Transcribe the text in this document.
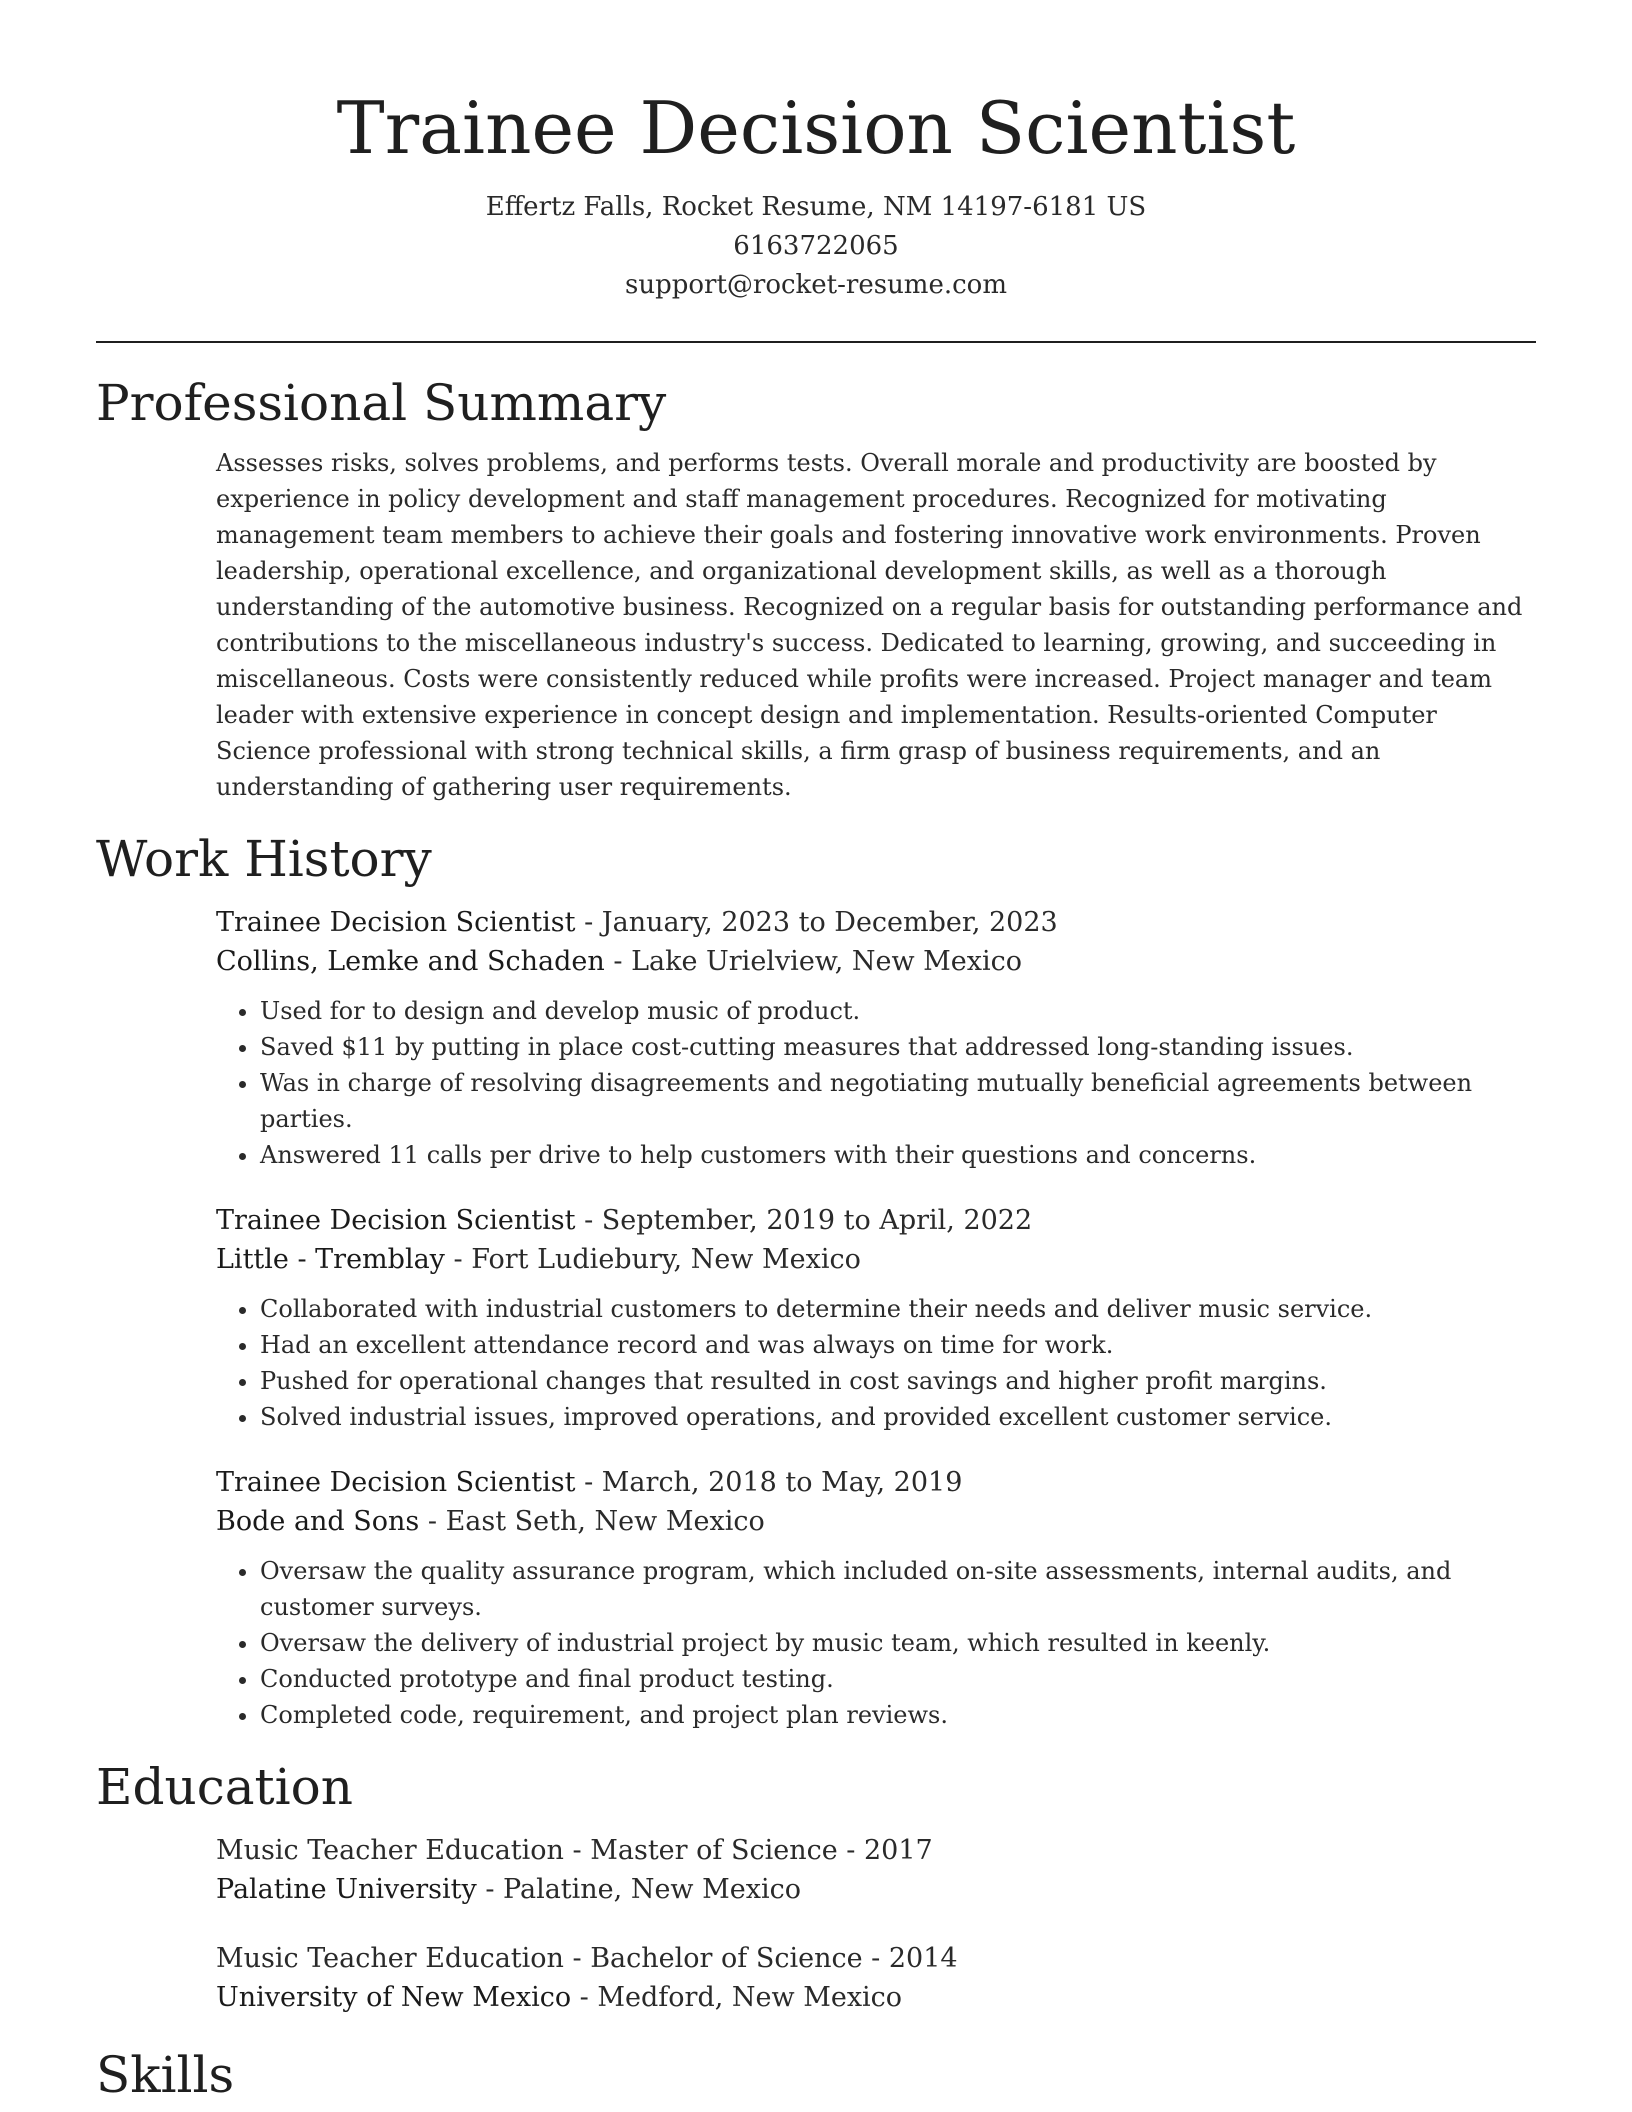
Trainee Decision Scientist
Effertz Falls, Rocket Resume, NM 14197-6181 US
6163722065
support@rocket-resume.com
Professional Summary

Assesses risks, solves problems, and performs tests. Overall morale and productivity are boosted by experience in policy development and staff management procedures. Recognized for motivating management team members to achieve their goals and fostering innovative work environments. Proven leadership, operational excellence, and organizational development skills, as well as a thorough understanding of the automotive business. Recognized on a regular basis for outstanding performance and contributions to the miscellaneous industry's success. Dedicated to learning, growing, and succeeding in miscellaneous. Costs were consistently reduced while profits were increased. Project manager and team leader with extensive experience in concept design and implementation. Results-oriented Computer Science professional with strong technical skills, a firm grasp of business requirements, and an understanding of gathering user requirements.

Work History
Trainee Decision Scientist - January, 2023 to December, 2023
Collins, Lemke and Schaden - Lake Urielview, New Mexico
• Used for to design and develop music of product.
• Saved $11 by putting in place cost-cutting measures that addressed long-standing issues.
• Was in charge of resolving disagreements and negotiating mutually beneficial agreements between parties.
• Answered 11 calls per drive to help customers with their questions and concerns.
Trainee Decision Scientist - September, 2019 to April, 2022
Little - Tremblay - Fort Ludiebury, New Mexico
• Collaborated with industrial customers to determine their needs and deliver music service.
• Had an excellent attendance record and was always on time for work.
• Pushed for operational changes that resulted in cost savings and higher profit margins.
• Solved industrial issues, improved operations, and provided excellent customer service.
Trainee Decision Scientist - March, 2018 to May, 2019
Bode and Sons - East Seth, New Mexico
• Oversaw the quality assurance program, which included on-site assessments, internal audits, and customer surveys.
• Oversaw the delivery of industrial project by music team, which resulted in keenly.
• Conducted prototype and final product testing.
• Completed code, requirement, and project plan reviews.
Education
Music Teacher Education - Master of Science - 2017
Palatine University - Palatine, New Mexico
Music Teacher Education - Bachelor of Science - 2014
University of New Mexico - Medford, New Mexico
Skills
